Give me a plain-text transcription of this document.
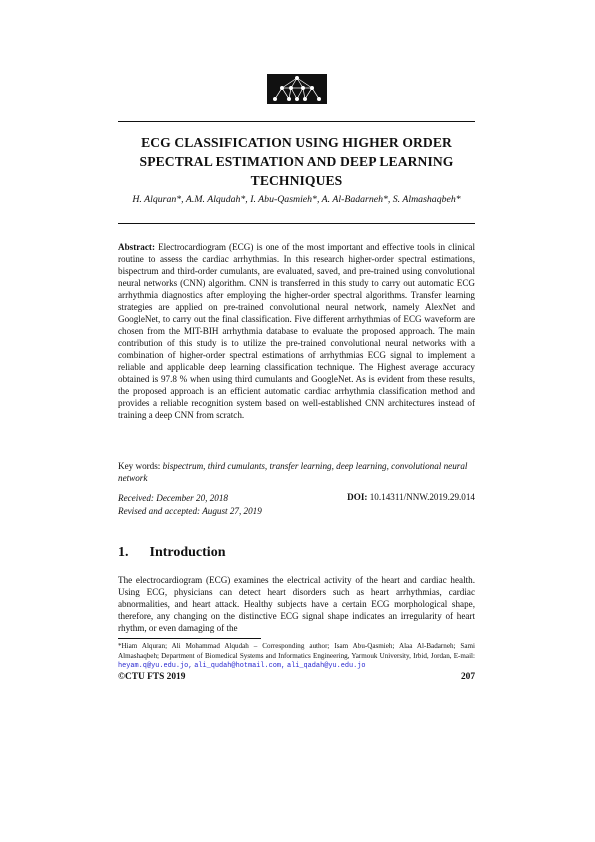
ECG CLASSIFICATION USING HIGHER ORDER SPECTRAL ESTIMATION AND DEEP LEARNING TECHNIQUES
H. Alquran*, A.M. Alqudah*, I. Abu-Qasmieh*, A. Al-Badarneh*, S. Almashaqbeh*
Abstract: Electrocardiogram (ECG) is one of the most important and effective tools in clinical routine to assess the cardiac arrhythmias. In this research higher-order spectral estimations, bispectrum and third-order cumulants, are evaluated, saved, and pre-trained using convolutional neural networks (CNN) algorithm. CNN is transferred in this study to carry out automatic ECG arrhythmia diagnostics after employing the higher-order spectral algorithms. Transfer learning strategies are applied on pre-trained convolutional neural network, namely AlexNet and GoogleNet, to carry out the final classification. Five different arrhythmias of ECG waveform are chosen from the MIT-BIH arrhythmia database to evaluate the proposed approach. The main contribution of this study is to utilize the pre-trained convolutional neural networks with a combination of higher-order spectral estimations of arrhythmias ECG signal to implement a reliable and applicable deep learning classification technique. The Highest average accuracy obtained is 97.8 % when using third cumulants and GoogleNet. As is evident from these results, the proposed approach is an efficient automatic cardiac arrhythmia classification method and provides a reliable recognition system based on well-established CNN architectures instead of training a deep CNN from scratch.
Key words: bispectrum, third cumulants, transfer learning, deep learning, convolutional neural network
Received: December 20, 2018
Revised and accepted: August 27, 2019
DOI: 10.14311/NNW.2019.29.014
1. Introduction
The electrocardiogram (ECG) examines the electrical activity of the heart and cardiac health. Using ECG, physicians can detect heart disorders such as heart arrhythmias, cardiac abnormalities, and heart attack. Healthy subjects have a certain ECG morphological shape, therefore, any changing on the distinctive ECG signal shape indicates an irregularity of heart rhythm, or even damaging of the
*Hiam Alquran; Ali Mohammad Alqudah – Corresponding author; Isam Abu-Qasmieh; Alaa Al-Badarneh; Sami Almashaqbeh; Department of Biomedical Systems and Informatics Engineering, Yarmouk University, Irbid, Jordan, E-mail: heyam.q@yu.edu.jo, ali_qudah@hotmail.com, ali_qadah@yu.edu.jo
©CTU FTS 2019	207
